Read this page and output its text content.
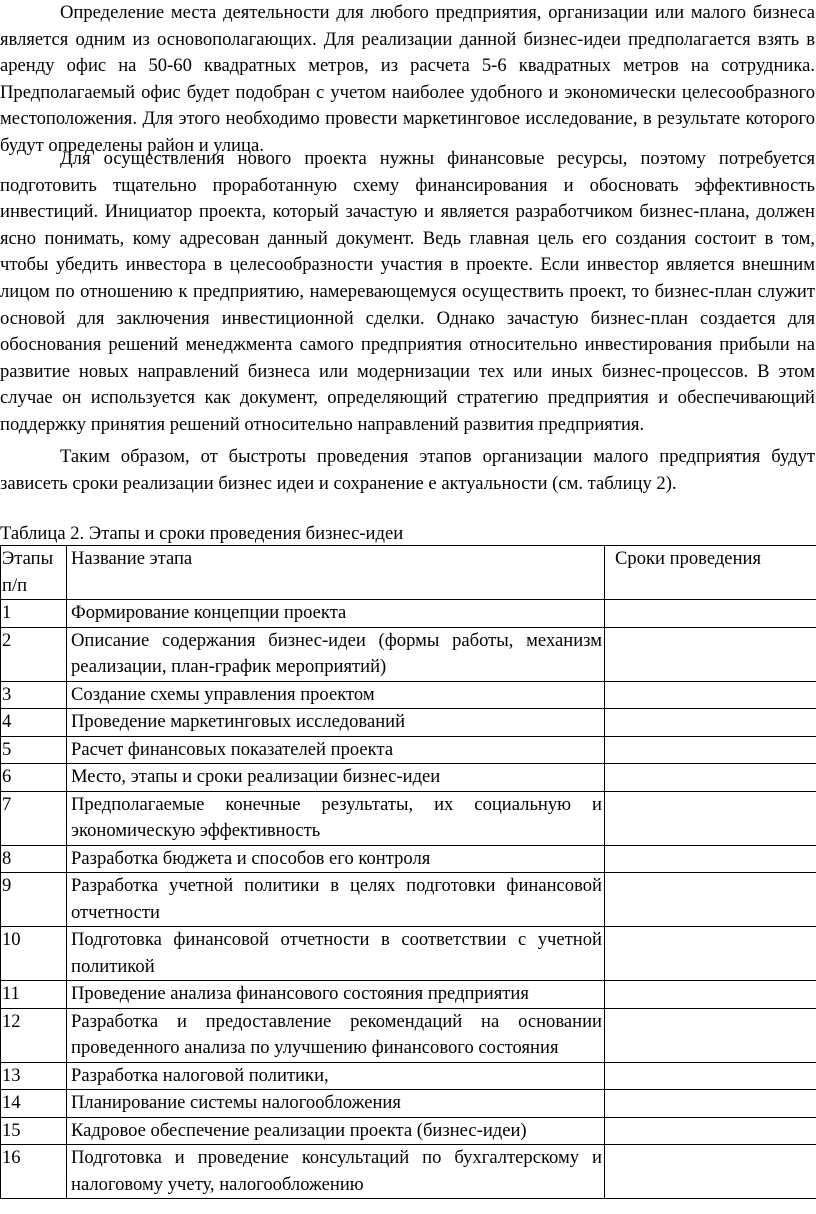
Определение места деятельности для любого предприятия, организации или малого бизнеса является одним из основополагающих. Для реализации данной бизнес-идеи предполагается взять в аренду офис на 50-60 квадратных метров, из расчета 5-6 квадратных метров на сотрудника. Предполагаемый офис будет подобран с учетом наиболее удобного и экономически целесообразного местоположения. Для этого необходимо провести маркетинговое исследование, в результате которого будут определены район и улица.

Для осуществления нового проекта нужны финансовые ресурсы, поэтому потребуется подготовить тщательно проработанную схему финансирования и обосновать эффективность инвестиций. Инициатор проекта, который зачастую и является разработчиком бизнес-плана, должен ясно понимать, кому адресован данный документ. Ведь главная цель его создания состоит в том, чтобы убедить инвестора в целесообразности участия в проекте. Если инвестор является внешним лицом по отношению к предприятию, намеревающемуся осуществить проект, то бизнес-план служит основой для заключения инвестиционной сделки. Однако зачастую бизнес-план создается для обоснования решений менеджмента самого предприятия относительно инвестирования прибыли на развитие новых направлений бизнеса или модернизации тех или иных бизнес-процессов. В этом случае он используется как документ, определяющий стратегию предприятия и обеспечивающий поддержку принятия решений относительно направлений развития предприятия.

Таким образом, от быстроты проведения этапов организации малого предприятия будут зависеть сроки реализации бизнес идеи и сохранение е актуальности (см. таблицу 2).

Таблица 2. Этапы и сроки проведения бизнес-идеи

Этапы п/п	Название этапа	Сроки проведения
1	Формирование концепции проекта	
2	Описание содержания бизнес-идеи (формы работы, механизм реализации, план-график мероприятий)	
3	Создание схемы управления проектом	
4	Проведение маркетинговых исследований	
5	Расчет финансовых показателей проекта	
6	Место, этапы и сроки реализации бизнес-идеи	
7	Предполагаемые конечные результаты, их социальную и экономическую эффективность	
8	Разработка бюджета и способов его контроля	
9	Разработка учетной политики в целях подготовки финансовой отчетности	
10	Подготовка финансовой отчетности в соответствии с учетной политикой	
11	Проведение анализа финансового состояния предприятия	
12	Разработка и предоставление рекомендаций на основании проведенного анализа по улучшению финансового состояния	
13	Разработка налоговой политики,	
14	Планирование системы налогообложения	
15	Кадровое обеспечение реализации проекта (бизнес-идеи)	
16	Подготовка и проведение консультаций по бухгалтерскому и налоговому учету, налогообложению	
